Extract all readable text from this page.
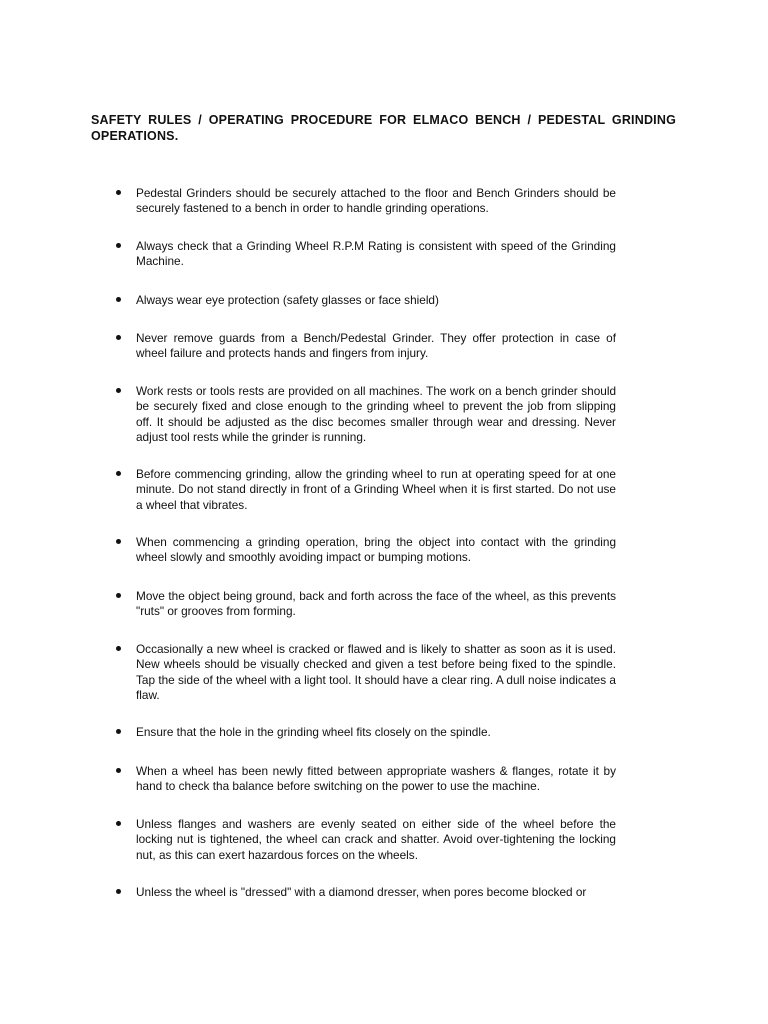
SAFETY RULES / OPERATING PROCEDURE FOR ELMACO BENCH / PEDESTAL GRINDING OPERATIONS.

Pedestal Grinders should be securely attached to the floor and Bench Grinders should be securely fastened to a bench in order to handle grinding operations.

Always check that a Grinding Wheel R.P.M Rating is consistent with speed of the Grinding Machine.

Always wear eye protection (safety glasses or face shield)

Never remove guards from a Bench/Pedestal Grinder. They offer protection in case of wheel failure and protects hands and fingers from injury.

Work rests or tools rests are provided on all machines. The work on a bench grinder should be securely fixed and close enough to the grinding wheel to prevent the job from slipping off. It should be adjusted as the disc becomes smaller through wear and dressing. Never adjust tool rests while the grinder is running.

Before commencing grinding, allow the grinding wheel to run at operating speed for at one minute. Do not stand directly in front of a Grinding Wheel when it is first started. Do not use a wheel that vibrates.

When commencing a grinding operation, bring the object into contact with the grinding wheel slowly and smoothly avoiding impact or bumping motions.

Move the object being ground, back and forth across the face of the wheel, as this prevents "ruts" or grooves from forming.

Occasionally a new wheel is cracked or flawed and is likely to shatter as soon as it is used. New wheels should be visually checked and given a test before being fixed to the spindle. Tap the side of the wheel with a light tool. It should have a clear ring. A dull noise indicates a flaw.

Ensure that the hole in the grinding wheel fits closely on the spindle.

When a wheel has been newly fitted between appropriate washers & flanges, rotate it by hand to check tha balance before switching on the power to use the machine.

Unless flanges and washers are evenly seated on either side of the wheel before the locking nut is tightened, the wheel can crack and shatter. Avoid over-tightening the locking nut, as this can exert hazardous forces on the wheels.

Unless the wheel is "dressed" with a diamond dresser, when pores become blocked or
